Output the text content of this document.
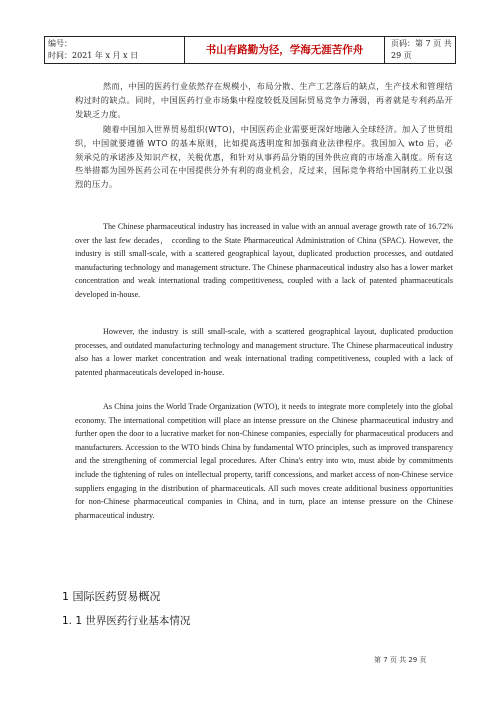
编号：
时间：2021 年 x 月 x 日	书山有路勤为径，学海无涯苦作舟
页码：第 7 页 共 29 页

然而，中国的医药行业依然存在规模小，布局分散、生产工艺落后的缺点，生产技术和管理结构过时的缺点。同时，中国医药行业市场集中程度较低及国际贸易竞争力薄弱，再者就是专利药品开发缺乏力度。

随着中国加入世界贸易组织(WTO)，中国医药企业需要更深好地融入全球经济。加入了世贸组织，中国就要遵循 WTO 的基本原则，比如提高透明度和加强商业法律程序。我国加入 wto 后，必须承兑的承诺涉及知识产权，关税优惠，和针对从事药品分销的国外供应商的市场准入制度。所有这些举措都为国外医药公司在中国提供分外有利的商业机会，反过来，国际竞争将给中国制药工业以强烈的压力。

The Chinese pharmaceutical industry has increased in value with an annual average growth rate of 16.72% over the last few decades， ccording to the State Pharmaceutical Administration of China (SPAC). However, the industry is still small-scale, with a scattered geographical layout, duplicated production processes, and outdated manufacturing technology and management structure. The Chinese pharmaceutical industry also has a lower market concentration and weak international trading competitiveness, coupled with a lack of patented pharmaceuticals developed in-house.

However, the industry is still small-scale, with a scattered geographical layout, duplicated production processes, and outdated manufacturing technology and management structure. The Chinese pharmaceutical industry also has a lower market concentration and weak international trading competitiveness, coupled with a lack of patented pharmaceuticals developed in-house.

As China joins the World Trade Organization (WTO), it needs to integrate more completely into the global economy. The international competition will place an intense pressure on the Chinese pharmaceutical industry and further open the door to a lucrative market for non-Chinese companies, especially for pharmaceutical producers and manufacturers. Accession to the WTO binds China by fundamental WTO principles, such as improved transparency and the strengthening of commercial legal procedures. After China's entry into wto, must abide by commitments include the tightening of rules on intellectual property, tariff concessions, and market access of non-Chinese service suppliers engaging in the distribution of pharmaceuticals. All such moves create additional business opportunities for non-Chinese pharmaceutical companies in China, and in turn, place an intense pressure on the Chinese pharmaceutical industry.

1 国际医药贸易概况

1. 1 世界医药行业基本情况

第 7 页 共 29 页
